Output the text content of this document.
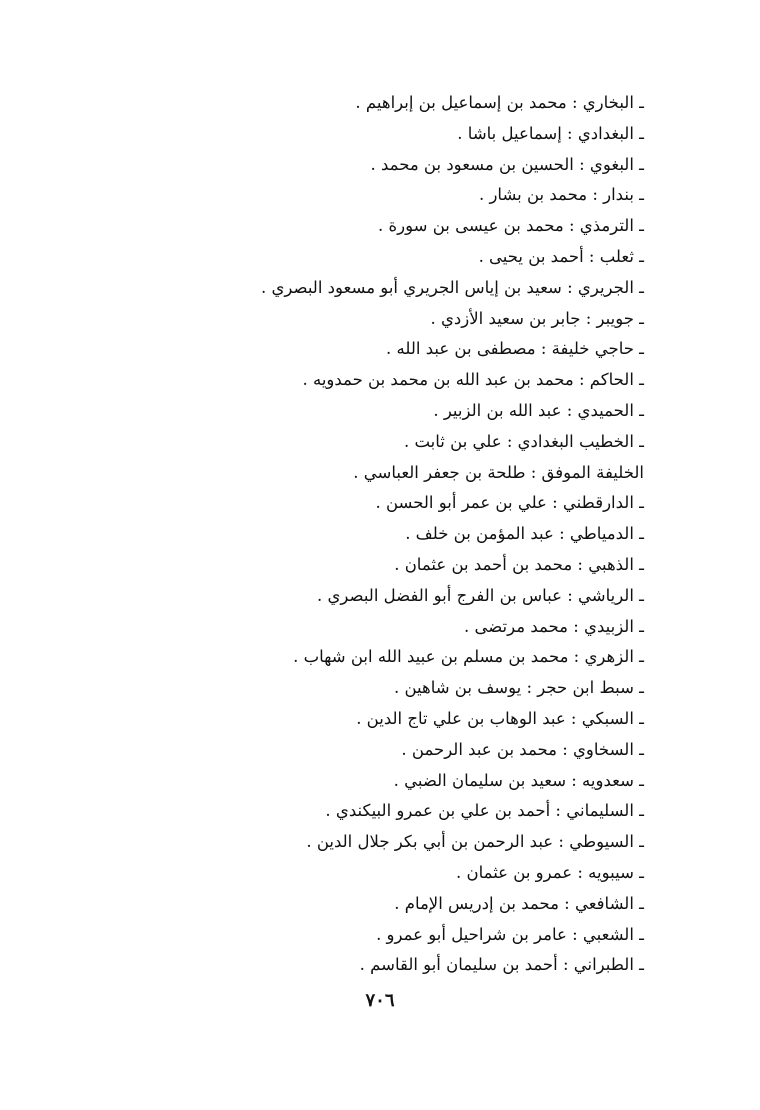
ـ البخاري : محمد بن إسماعيل بن إبراهيم .
ـ البغدادي : إسماعيل باشا .
ـ البغوي : الحسين بن مسعود بن محمد .
ـ بندار : محمد بن بشار .
ـ الترمذي : محمد بن عيسى بن سورة .
ـ ثعلب : أحمد بن يحيى .
ـ الجريري : سعيد بن إياس الجريري أبو مسعود البصري .
ـ جويبر : جابر بن سعيد الأزدي .
ـ حاجي خليفة : مصطفى بن عبد الله .
ـ الحاكم : محمد بن عبد الله بن محمد بن حمدويه .
ـ الحميدي : عبد الله بن الزبير .
ـ الخطيب البغدادي : علي بن ثابت .
الخليفة الموفق : طلحة بن جعفر العباسي .
ـ الدارقطني : علي بن عمر أبو الحسن .
ـ الدمياطي : عبد المؤمن بن خلف .
ـ الذهبي : محمد بن أحمد بن عثمان .
ـ الرياشي : عباس بن الفرج أبو الفضل البصري .
ـ الزبيدي : محمد مرتضى .
ـ الزهري : محمد بن مسلم بن عبيد الله ابن شهاب .
ـ سبط ابن حجر : يوسف بن شاهين .
ـ السبكي : عبد الوهاب بن علي تاج الدين .
ـ السخاوي : محمد بن عبد الرحمن .
ـ سعدويه : سعيد بن سليمان الضبي .
ـ السليماني : أحمد بن علي بن عمرو البيكندي .
ـ السيوطي : عبد الرحمن بن أبي بكر جلال الدين .
ـ سيبويه : عمرو بن عثمان .
ـ الشافعي : محمد بن إدريس الإمام .
ـ الشعبي : عامر بن شراحيل أبو عمرو .
ـ الطبراني : أحمد بن سليمان أبو القاسم .
٧٠٦
